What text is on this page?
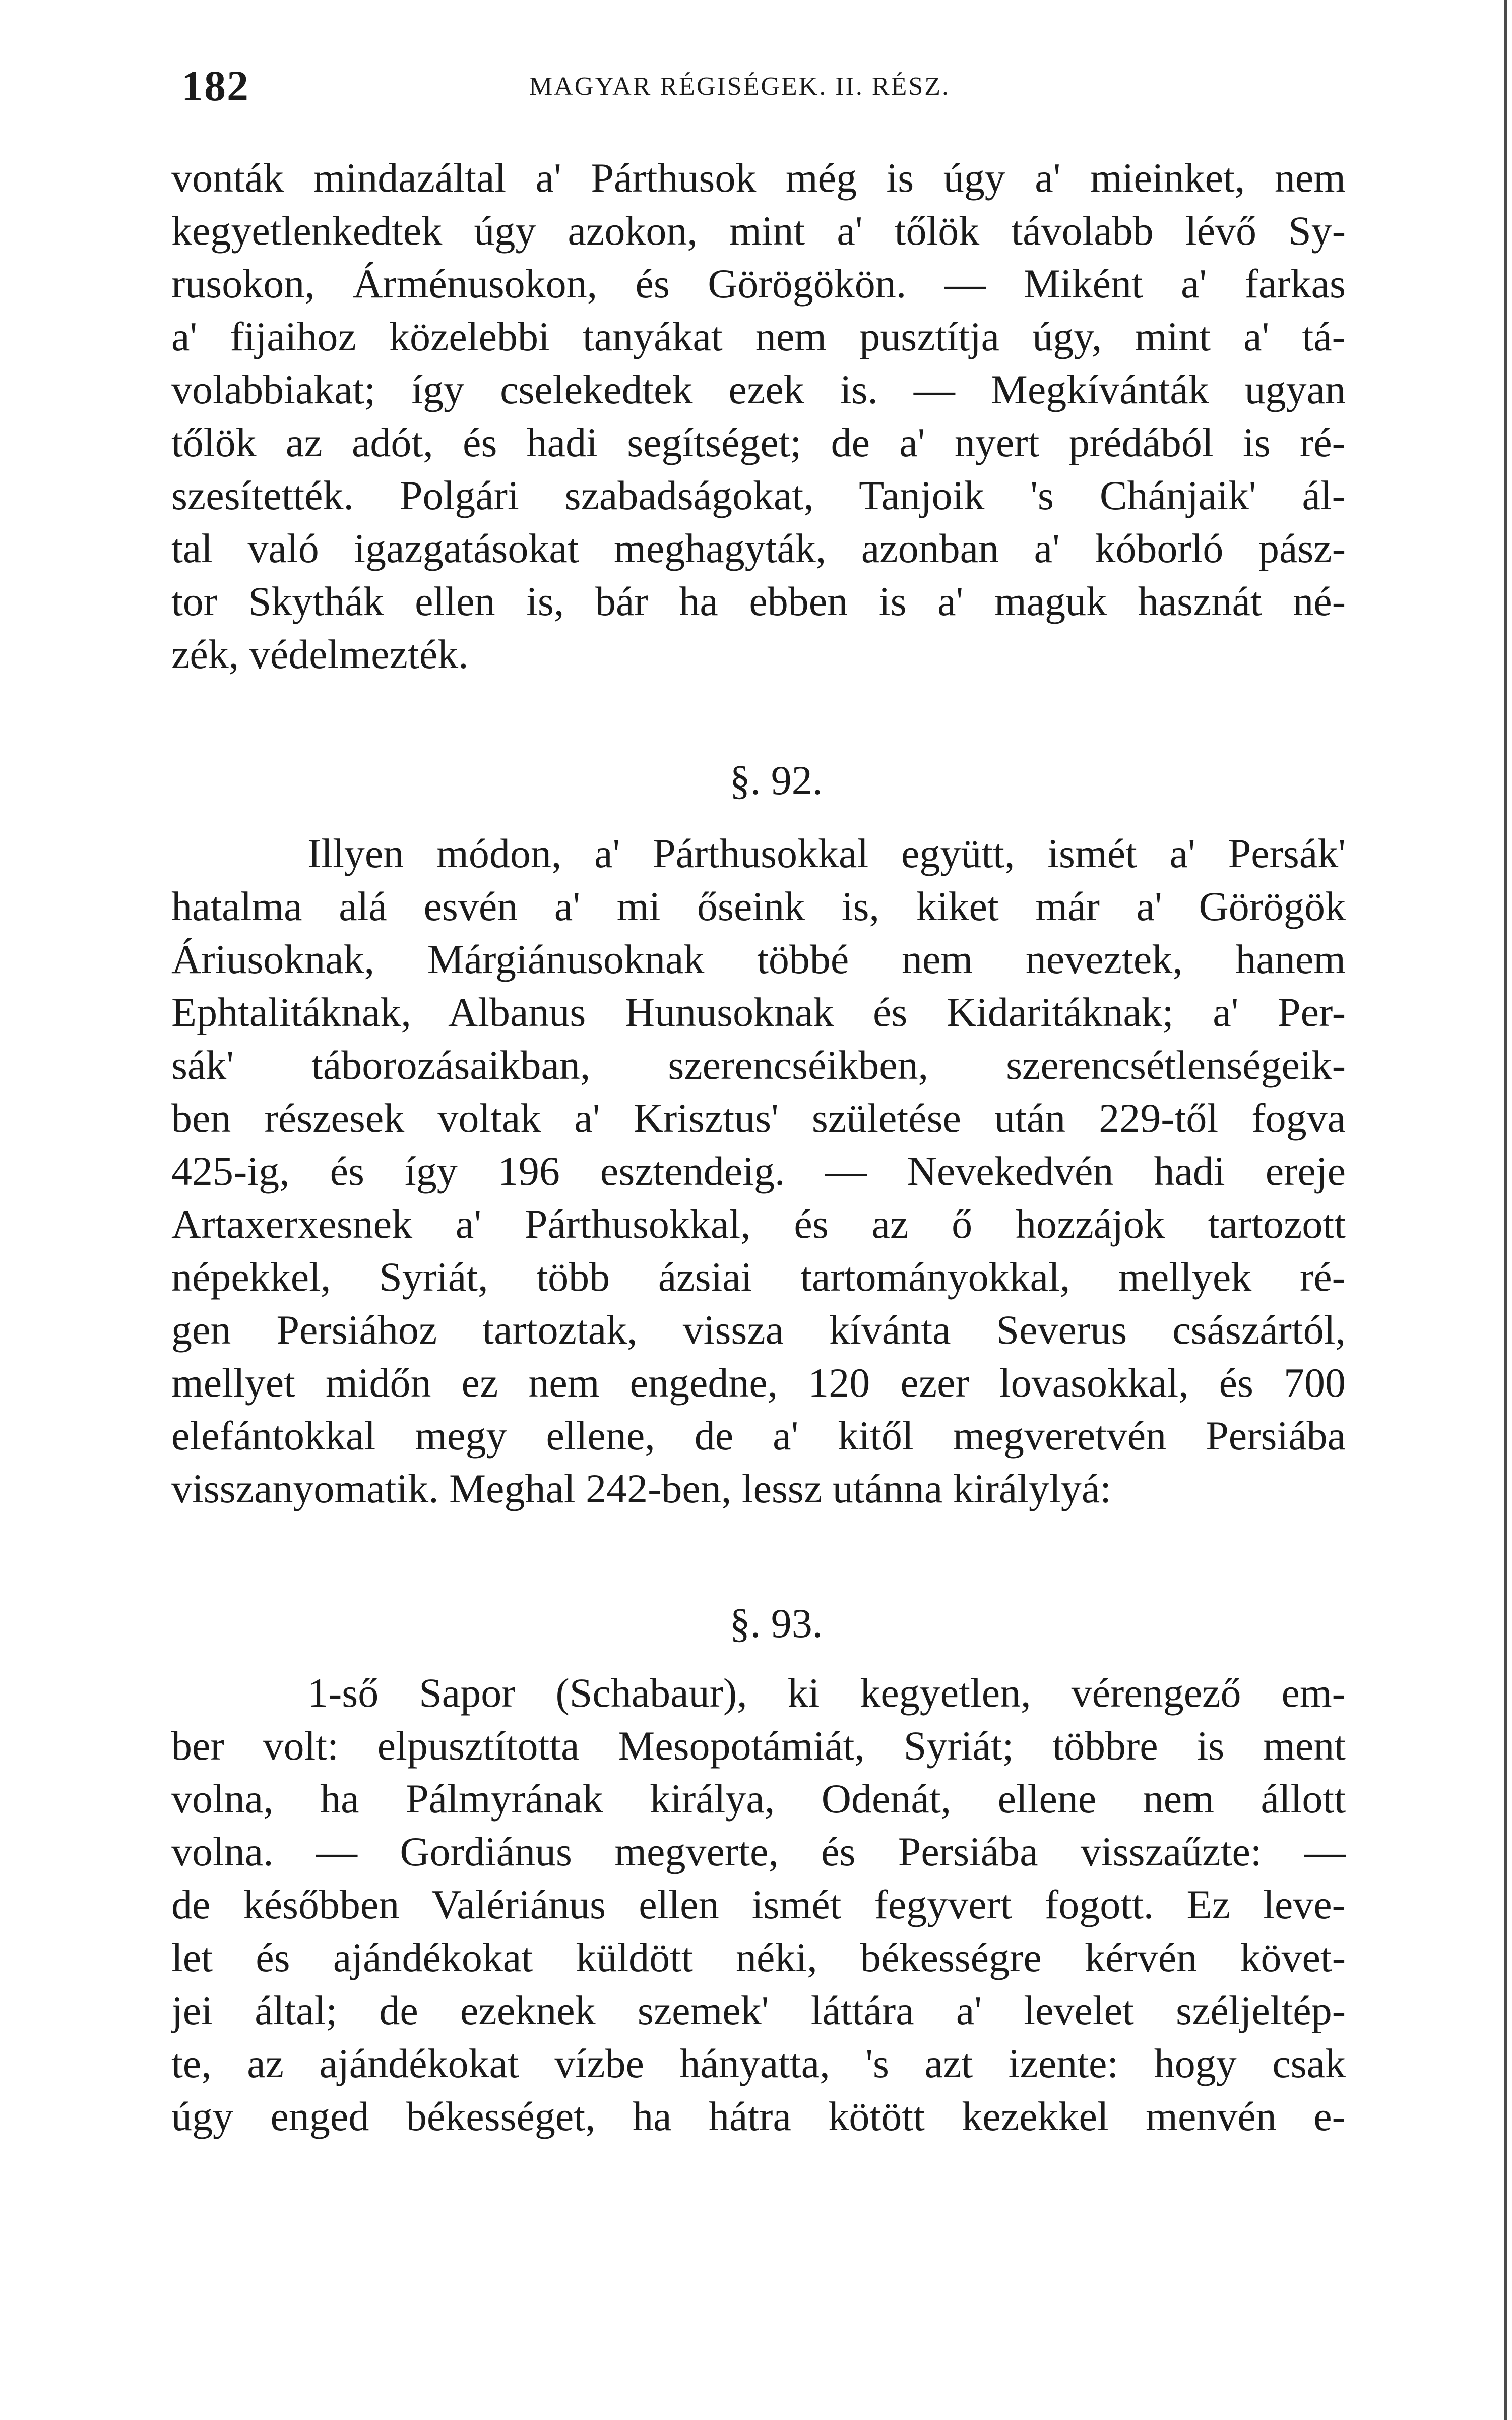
182	MAGYAR RÉGISÉGEK. II. RÉSZ.
vonták mindazáltal a' Párthusok még is úgy a' mieinket, nem
kegyetlenkedtek úgy azokon, mint a' tőlök távolabb lévő Sy-
rusokon, Árménusokon, és Görögökön. — Miként a' farkas
a' fijaihoz közelebbi tanyákat nem pusztítja úgy, mint a' tá-
volabbiakat; így cselekedtek ezek is. — Megkívánták ugyan
tőlök az adót, és hadi segítséget; de a' nyert prédából is ré-
szesítették. Polgári szabadságokat, Tanjoik 's Chánjaik' ál-
tal való igazgatásokat meghagyták, azonban a' kóborló pász-
tor Skythák ellen is, bár ha ebben is a' maguk hasznát né-
zék, védelmezték.
§. 92.
Illyen módon, a' Párthusokkal együtt, ismét a' Persák'
hatalma alá esvén a' mi őseink is, kiket már a' Görögök
Áriusoknak, Márgiánusoknak többé nem neveztek, hanem
Ephtalitáknak, Albanus Hunusoknak és Kidaritáknak; a' Per-
sák' táborozásaikban, szerencséikben, szerencsétlenségeik-
ben részesek voltak a' Krisztus' születése után 229-től fogva
425-ig, és így 196 esztendeig. — Nevekedvén hadi ereje
Artaxerxesnek a' Párthusokkal, és az ő hozzájok tartozott
népekkel, Syriát, több ázsiai tartományokkal, mellyek ré-
gen Persiához tartoztak, vissza kívánta Severus császártól,
mellyet midőn ez nem engedne, 120 ezer lovasokkal, és 700
elefántokkal megy ellene, de a' kitől megveretvén Persiába
visszanyomatik. Meghal 242-ben, lessz utánna királylyá:
§. 93.
1-ső Sapor (Schabaur), ki kegyetlen, vérengező em-
ber volt: elpusztította Mesopotámiát, Syriát; többre is ment
volna, ha Pálmyrának királya, Odenát, ellene nem állott
volna. — Gordiánus megverte, és Persiába visszaűzte: —
de későbben Valériánus ellen ismét fegyvert fogott. Ez leve-
let és ajándékokat küldött néki, békességre kérvén követ-
jei által; de ezeknek szemek' láttára a' levelet széljeltép-
te, az ajándékokat vízbe hányatta, 's azt izente: hogy csak
úgy enged békességet, ha hátra kötött kezekkel menvén e-
